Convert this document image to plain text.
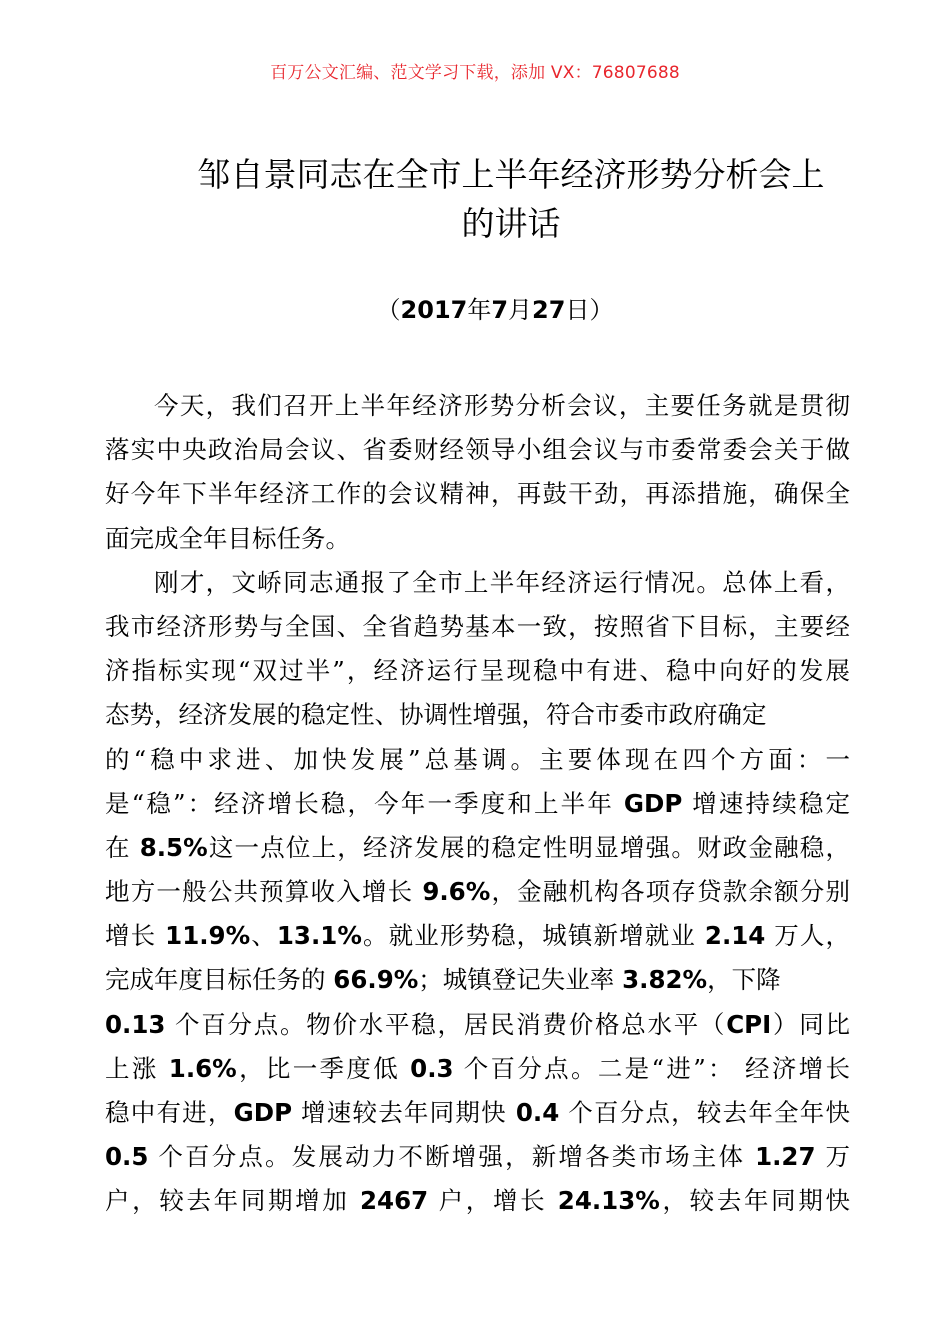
百万公文汇编、范文学习下载，添加 VX：76807688
邹自景同志在全市上半年经济形势分析会上
的讲话
（2017年7月27日）
今天，我们召开上半年经济形势分析会议，主要任务就是贯彻
落实中央政治局会议、省委财经领导小组会议与市委常委会关于做
好今年下半年经济工作的会议精神，再鼓干劲，再添措施，确保全
面完成全年目标任务。
刚才，文峤同志通报了全市上半年经济运行情况。总体上看，
我市经济形势与全国、全省趋势基本一致，按照省下目标，主要经
济指标实现“双过半”，经济运行呈现稳中有进、稳中向好的发展
态势，经济发展的稳定性、协调性增强，符合市委市政府确定
的“稳中求进、加快发展”总基调。主要体现在四个方面：一
是“稳”：经济增长稳，今年一季度和上半年 GDP 增速持续稳定
在 8.5%这一点位上，经济发展的稳定性明显增强。财政金融稳，
地方一般公共预算收入增长 9.6%，金融机构各项存贷款余额分别
增长 11.9%、13.1%。就业形势稳，城镇新增就业 2.14 万人，
完成年度目标任务的 66.9%；城镇登记失业率 3.82%，下降
0.13 个百分点。物价水平稳，居民消费价格总水平（CPI）同比
上涨 1.6%，比一季度低 0.3 个百分点。二是“进”： 经济增长
稳中有进，GDP 增速较去年同期快 0.4 个百分点，较去年全年快
0.5 个百分点。发展动力不断增强，新增各类市场主体 1.27 万
户，较去年同期增加 2467 户，增长 24.13%，较去年同期快
